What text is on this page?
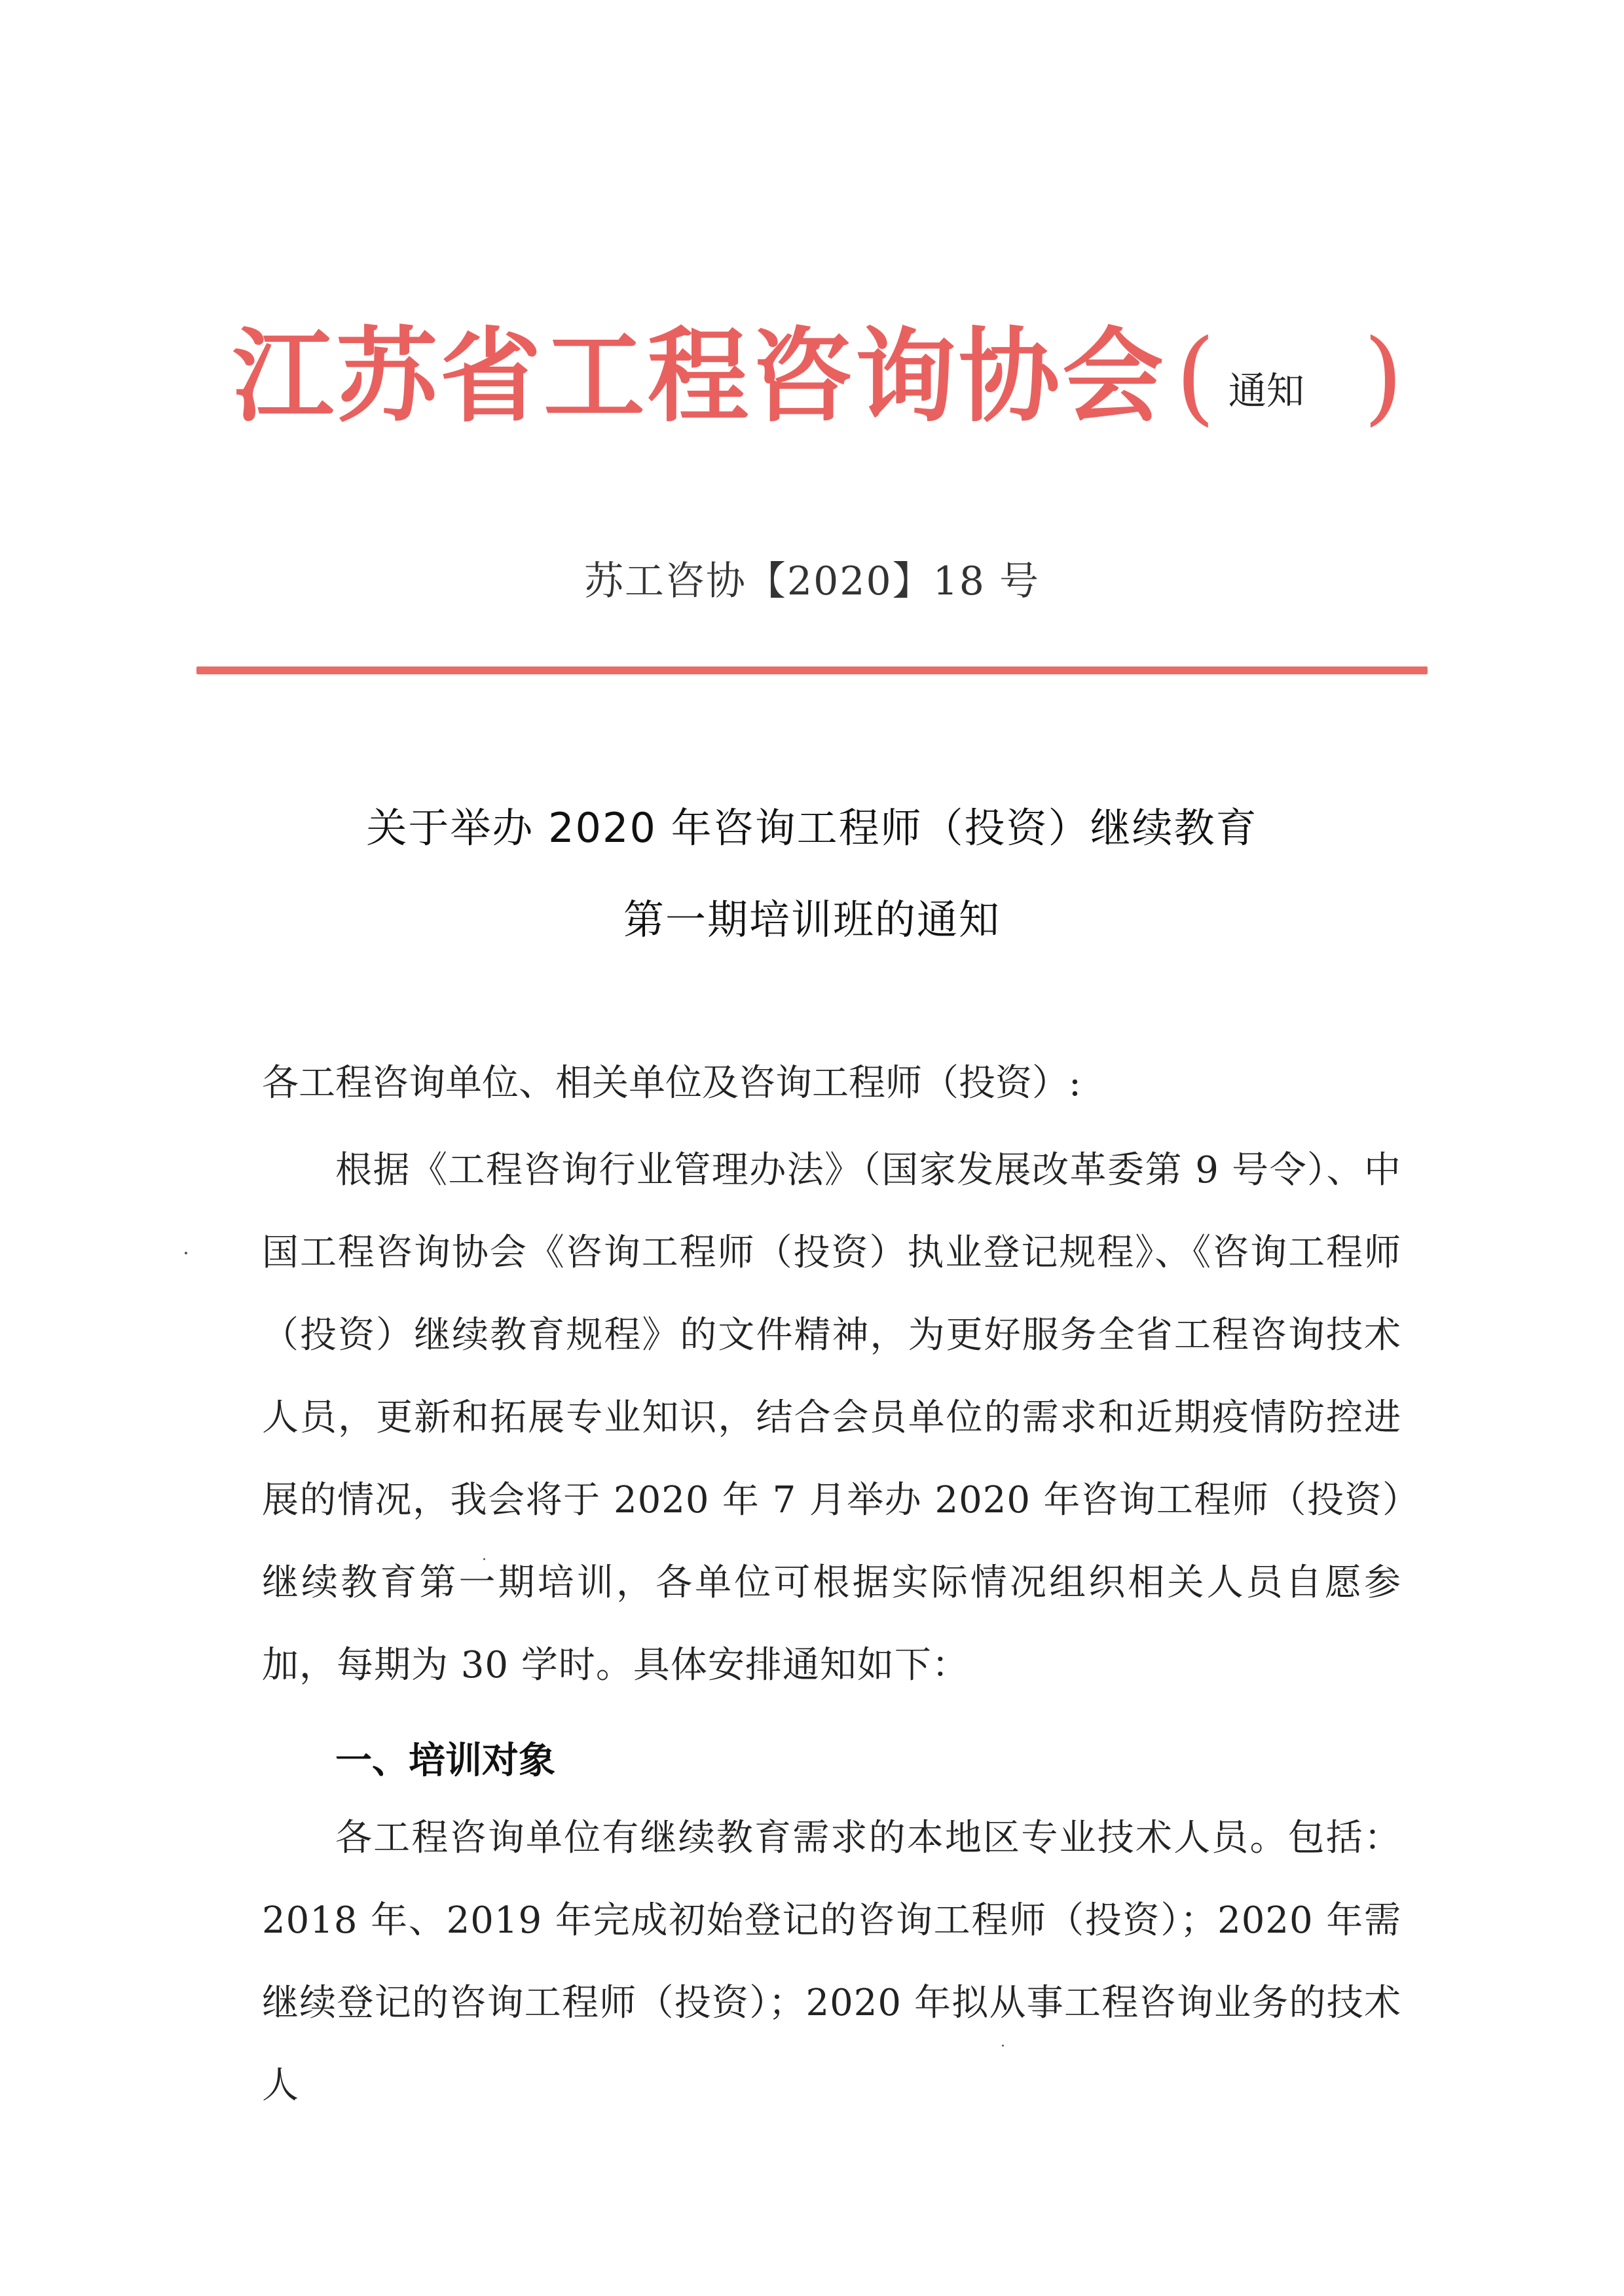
江苏省工程咨询协会 ( 通知 )
苏工咨协【2020】18 号
关于举办 2020 年咨询工程师（投资）继续教育
第一期培训班的通知
各工程咨询单位、相关单位及咨询工程师（投资）:
根据《工程咨询行业管理办法》（国家发展改革委第 9 号令）、中国工程咨询协会《咨询工程师（投资）执业登记规程》、《咨询工程师（投资）继续教育规程》的文件精神，为更好服务全省工程咨询技术人员，更新和拓展专业知识，结合会员单位的需求和近期疫情防控进展的情况，我会将于 2020 年 7 月举办 2020 年咨询工程师（投资）继续教育第一期培训，各单位可根据实际情况组织相关人员自愿参加，每期为 30 学时。具体安排通知如下：
一、培训对象
各工程咨询单位有继续教育需求的本地区专业技术人员。包括：2018 年、2019 年完成初始登记的咨询工程师（投资）；2020 年需继续登记的咨询工程师（投资）；2020 年拟从事工程咨询业务的技术人
